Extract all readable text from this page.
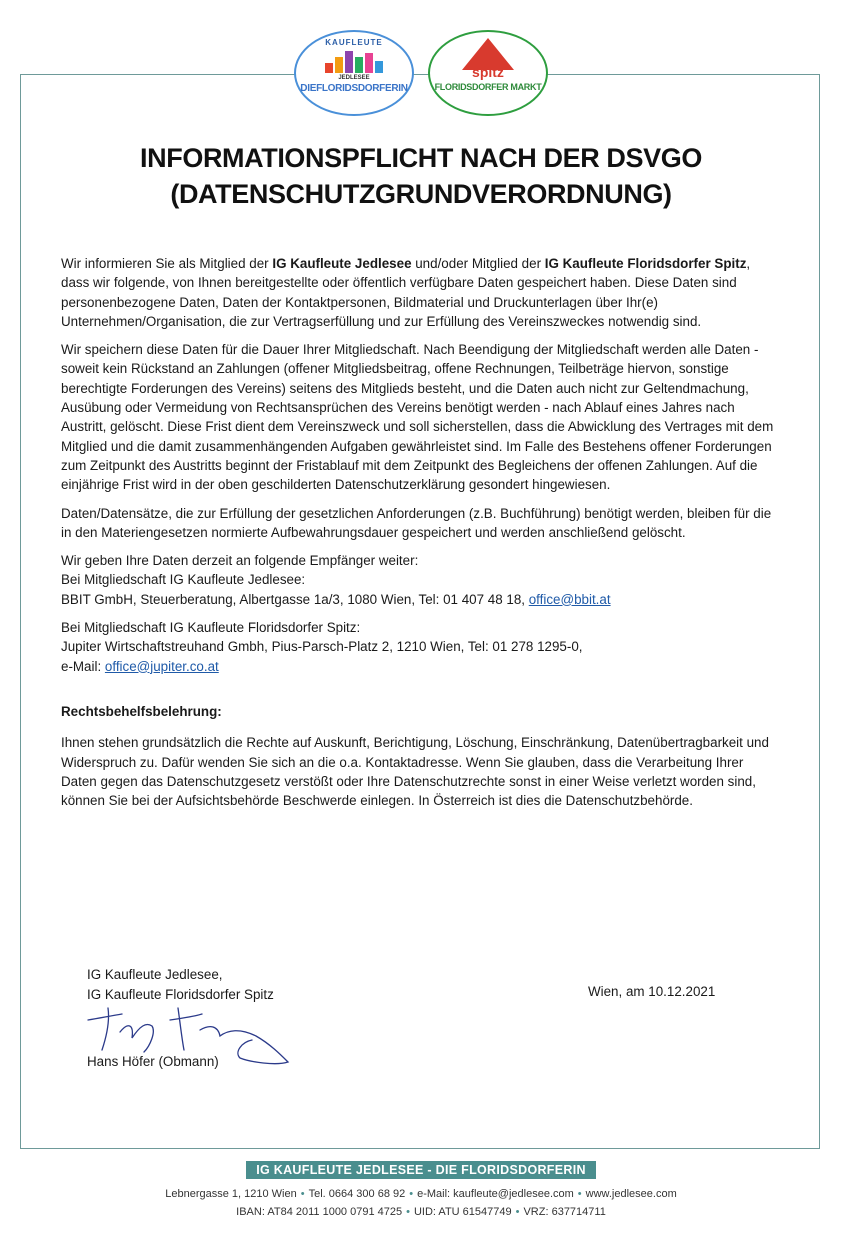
KAUFLEUTE
JEDLESEE
DIEFLORIDSDORFERIN
spitz
FLORIDSDORFER MARKT
INFORMATIONSPFLICHT NACH DER DSVGO
(DATENSCHUTZGRUNDVERORDNUNG)

Wir informieren Sie als Mitglied der IG Kaufleute Jedlesee und/oder Mitglied der IG Kaufleute Floridsdorfer Spitz, dass wir folgende, von Ihnen bereitgestellte oder öffentlich verfügbare Daten gespeichert haben. Diese Daten sind personenbezogene Daten, Daten der Kontaktpersonen, Bildmaterial und Druckunterlagen über Ihr(e) Unternehmen/Organisation, die zur Vertragserfüllung und zur Erfüllung des Vereinszweckes notwendig sind.

Wir speichern diese Daten für die Dauer Ihrer Mitgliedschaft. Nach Beendigung der Mitgliedschaft werden alle Daten - soweit kein Rückstand an Zahlungen (offener Mitgliedsbeitrag, offene Rechnungen, Teilbeträge hiervon, sonstige berechtigte Forderungen des Vereins) seitens des Mitglieds besteht, und die Daten auch nicht zur Geltendmachung, Ausübung oder Vermeidung von Rechtsansprüchen des Vereins benötigt werden - nach Ablauf eines Jahres nach Austritt, gelöscht. Diese Frist dient dem Vereinszweck und soll sicherstellen, dass die Abwicklung des Vertrages mit dem Mitglied und die damit zusammenhängenden Aufgaben gewährleistet sind. Im Falle des Bestehens offener Forderungen zum Zeitpunkt des Austritts beginnt der Fristablauf mit dem Zeitpunkt des Begleichens der offenen Zahlungen. Auf die einjährige Frist wird in der oben geschilderten Datenschutzerklärung gesondert hingewiesen.

Daten/Datensätze, die zur Erfüllung der gesetzlichen Anforderungen (z.B. Buchführung) benötigt werden, bleiben für die in den Materiengesetzen normierte Aufbewahrungsdauer gespeichert und werden anschließend gelöscht.

Wir geben Ihre Daten derzeit an folgende Empfänger weiter:
Bei Mitgliedschaft IG Kaufleute Jedlesee:
BBIT GmbH, Steuerberatung, Albertgasse 1a/3, 1080 Wien, Tel: 01 407 48 18, office@bbit.at

Bei Mitgliedschaft IG Kaufleute Floridsdorfer Spitz:
Jupiter Wirtschaftstreuhand Gmbh, Pius-Parsch-Platz 2, 1210 Wien, Tel: 01 278 1295-0,
e-Mail: office@jupiter.co.at

Rechtsbehelfsbelehrung:

Ihnen stehen grundsätzlich die Rechte auf Auskunft, Berichtigung, Löschung, Einschränkung, Datenübertragbarkeit und Widerspruch zu. Dafür wenden Sie sich an die o.a. Kontaktadresse. Wenn Sie glauben, dass die Verarbeitung Ihrer Daten gegen das Datenschutzgesetz verstößt oder Ihre Datenschutzrechte sonst in einer Weise verletzt worden sind, können Sie bei der Aufsichtsbehörde Beschwerde einlegen. In Österreich ist dies die Datenschutzbehörde.

IG Kaufleute Jedlesee,
IG Kaufleute Floridsdorfer Spitz
Hans Höfer (Obmann)
Wien, am 10.12.2021
IG KAUFLEUTE JEDLESEE - DIE FLORIDSDORFERIN
Lebnergasse 1, 1210 Wien • Tel. 0664 300 68 92 • e-Mail: kaufleute@jedlesee.com • www.jedlesee.com
IBAN: AT84 2011 1000 0791 4725 • UID: ATU 61547749 • VRZ: 637714711
